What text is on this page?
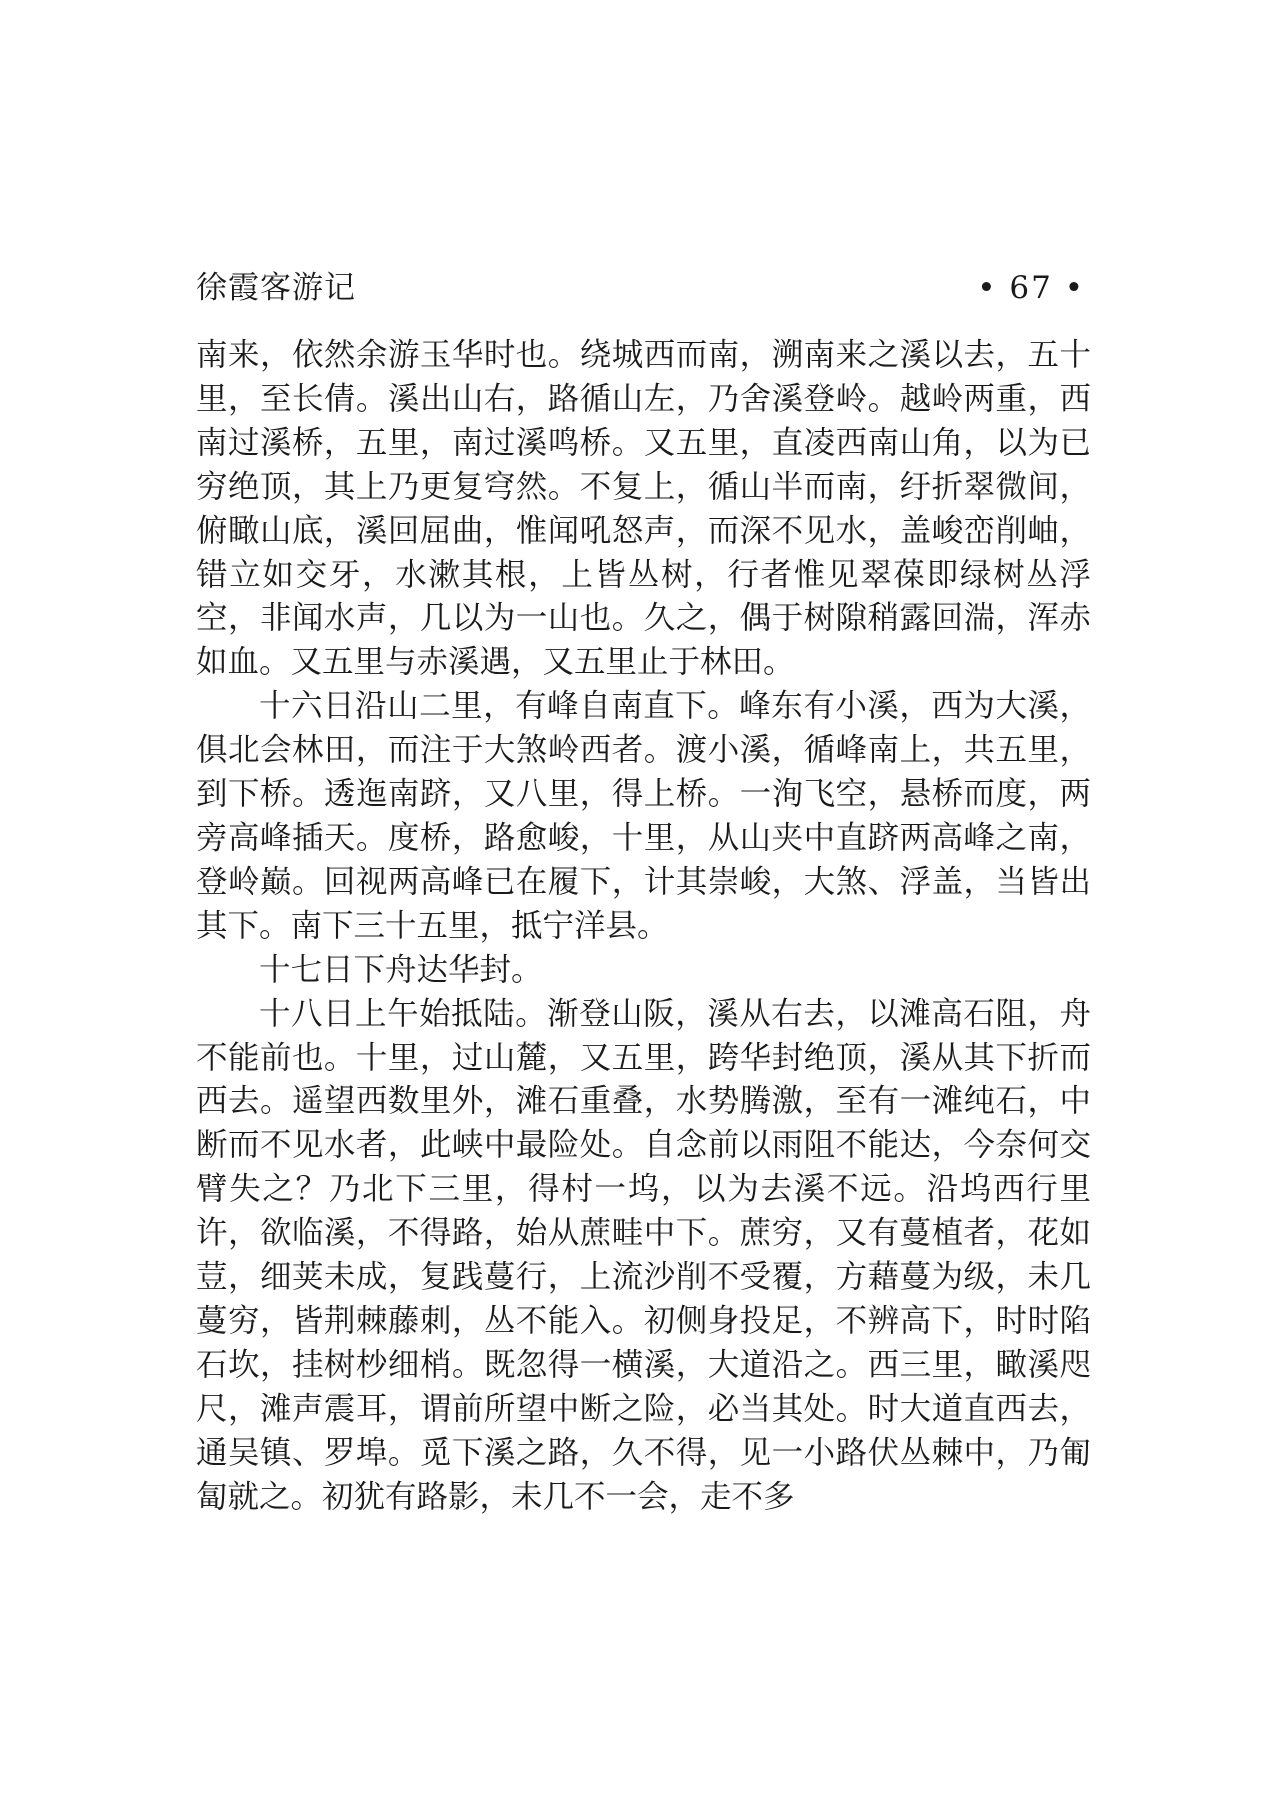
徐霞客游记	• 67 •

南来，依然余游玉华时也。绕城西而南，溯南来之溪以去，五十里，至长倩。溪出山右，路循山左，乃舍溪登岭。越岭两重，西南过溪桥，五里，南过溪鸣桥。又五里，直凌西南山角，以为已穷绝顶，其上乃更复穹然。不复上，循山半而南，纡折翠微间，俯瞰山底，溪回屈曲，惟闻吼怒声，而深不见水，盖峻峦削岫，错立如交牙，水漱其根，上皆丛树，行者惟见翠葆即绿树丛浮空，非闻水声，几以为一山也。久之，偶于树隙稍露回湍，浑赤如血。又五里与赤溪遇，又五里止于林田。

十六日沿山二里，有峰自南直下。峰东有小溪，西为大溪，俱北会林田，而注于大煞岭西者。渡小溪，循峰南上，共五里，到下桥。透迤南跻，又八里，得上桥。一洵飞空，悬桥而度，两旁高峰插天。度桥，路愈峻，十里，从山夹中直跻两高峰之南，登岭巅。回视两高峰已在履下，计其崇峻，大煞、浮盖，当皆出其下。南下三十五里，抵宁洋县。

十七日下舟达华封。

十八日上午始抵陆。渐登山阪，溪从右去，以滩高石阻，舟不能前也。十里，过山麓，又五里，跨华封绝顶，溪从其下折而西去。遥望西数里外，滩石重叠，水势腾激，至有一滩纯石，中断而不见水者，此峡中最险处。自念前以雨阻不能达，今奈何交臂失之？乃北下三里，得村一坞，以为去溪不远。沿坞西行里许，欲临溪，不得路，始从蔗畦中下。蔗穷，又有蔓植者，花如荳，细荚未成，复践蔓行，上流沙削不受覆，方藉蔓为级，未几蔓穷，皆荆棘藤刺，丛不能入。初侧身投足，不辨高下，时时陷石坎，挂树杪细梢。既忽得一横溪，大道沿之。西三里，瞰溪咫尺，滩声震耳，谓前所望中断之险，必当其处。时大道直西去，通吴镇、罗埠。觅下溪之路，久不得，见一小路伏丛棘中，乃匍匐就之。初犹有路影，未几不一会，走不多
